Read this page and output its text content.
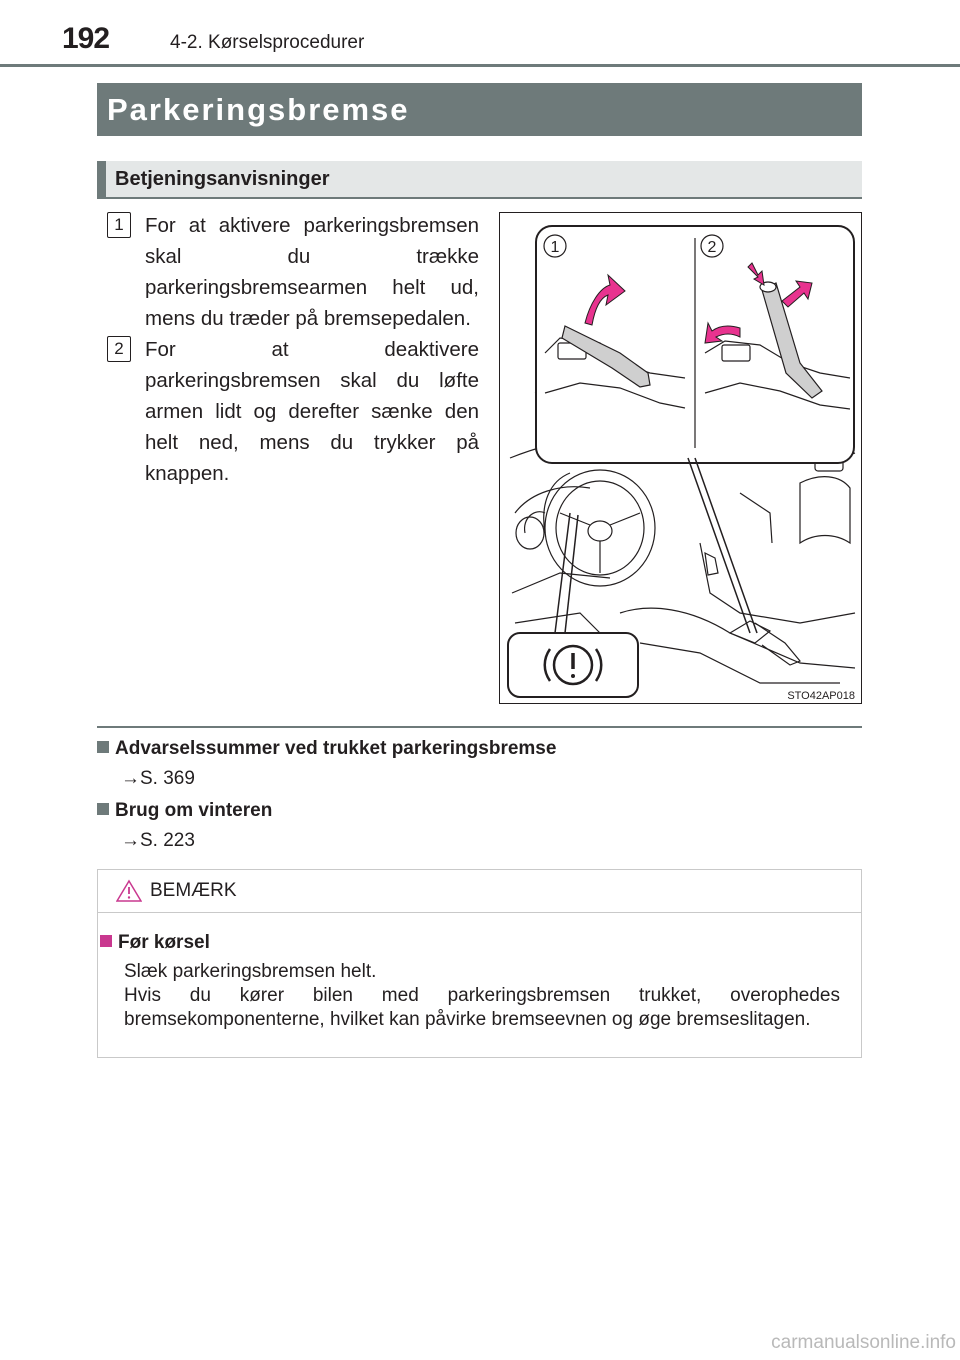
192	4-2. Kørselsprocedurer
Parkeringsbremse
Betjeningsanvisninger
1	For at aktivere parkeringsbremsen skal du trække parkeringsbremsearmen helt ud, mens du træder på bremsepedalen.
2	For at deaktivere parkeringsbremsen skal du løfte armen lidt og derefter sænke den helt ned, mens du trykker på knappen.
1	2
STO42AP018
Advarselssummer ved trukket parkeringsbremse
→S. 369
Brug om vinteren
→S. 223
BEMÆRK
Før kørsel

Slæk parkeringsbremsen helt.

Hvis du kører bilen med parkeringsbremsen trukket, overophedes bremsekomponenterne, hvilket kan påvirke bremseevnen og øge bremseslitagen.

carmanualsonline.info
